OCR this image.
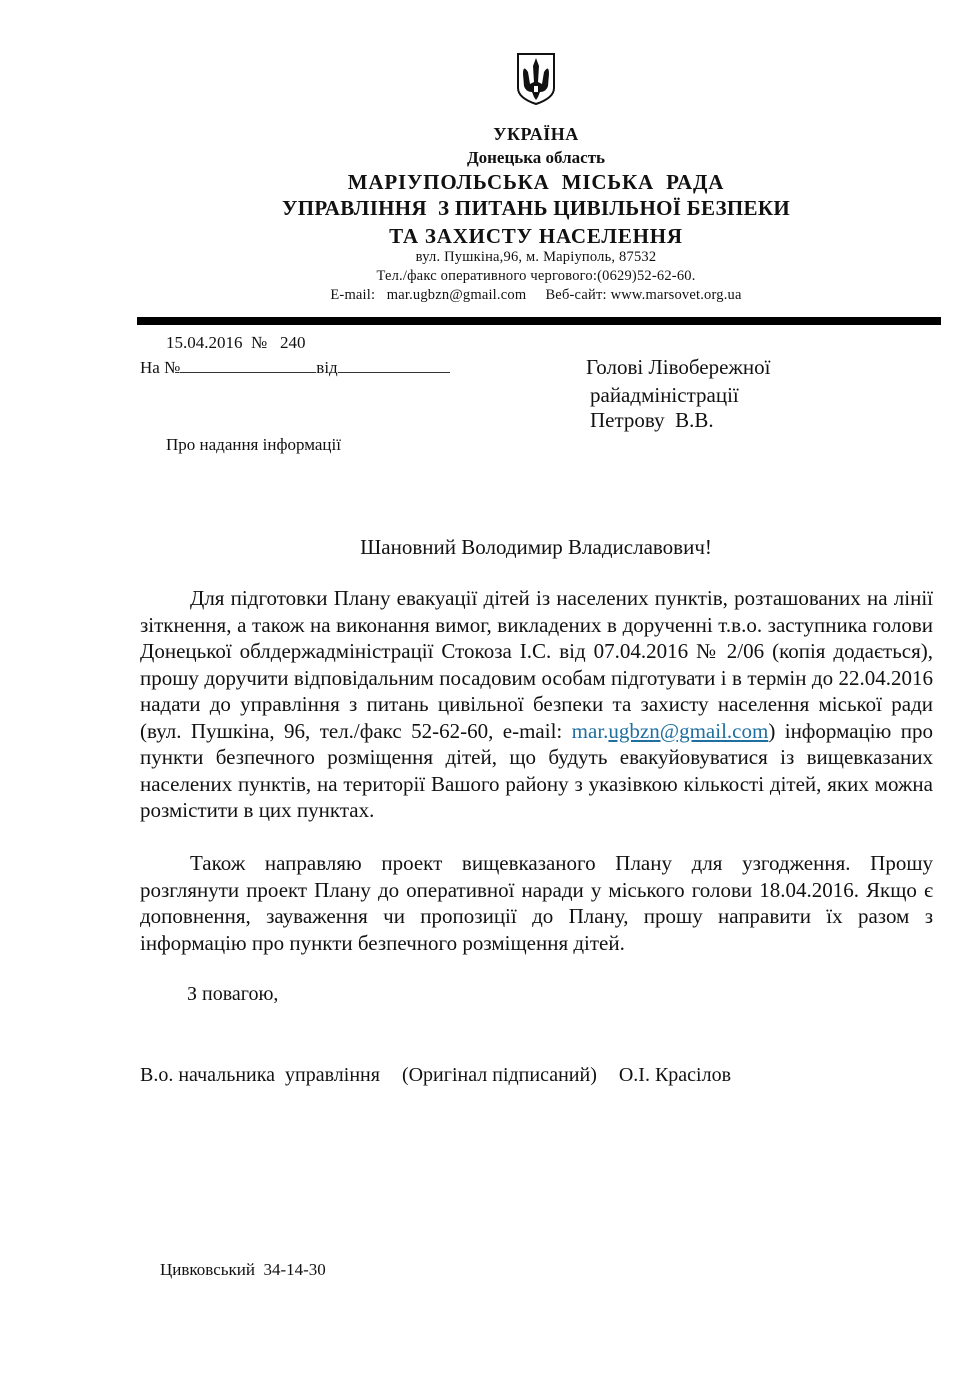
УКРАЇНА
Донецька область
МАРІУПОЛЬСЬКА  МІСЬКА  РАДА
УПРАВЛІННЯ  З ПИТАНЬ ЦИВІЛЬНОЇ БЕЗПЕКИ
ТА ЗАХИСТУ НАСЕЛЕННЯ
вул. Пушкіна,96, м. Маріуполь, 87532
Тел./факс оперативного чергового:(0629)52-62-60.
E-mail: mar.ugbzn@gmail.com Веб-сайт: www.marsovet.org.ua
15.04.2016 № 240
На №	від	Голові Лівобережної
райадміністрації
Петрову  В.В.
Про надання інформації
Шановний Володимир Владиславович!
Для підготовки Плану евакуації дітей із населених пунктів, розташованих на лінії зіткнення, а також на виконання вимог, викладених в дорученні т.в.о. заступника голови Донецької облдержадміністрації Стокоза І.С. від 07.04.2016 № 2/06 (копія додається), прошу доручити відповідальним посадовим особам підготувати і в термін до 22.04.2016 надати до управління з питань цивільної безпеки та захисту населення міської ради (вул. Пушкіна, 96, тел./факс 52-62-60, e-mail: mar.ugbzn@gmail.com) інформацію про пункти безпечного розміщення дітей, що будуть евакуйовуватися із вищевказаних населених пунктів, на території Вашого району з указівкою кількості дітей, яких можна розмістити в цих пунктах.
Також направляю проект вищевказаного Плану для узгодження. Прошу розглянути проект Плану до оперативної наради у міського голови 18.04.2016. Якщо є доповнення, зауваження чи пропозиції до Плану, прошу направити їх разом з інформацію про пункти безпечного розміщення дітей.
З повагою,
В.о. начальника  управління (Оригінал підписаний) О.І. Красілов
Цивковський  34-14-30
